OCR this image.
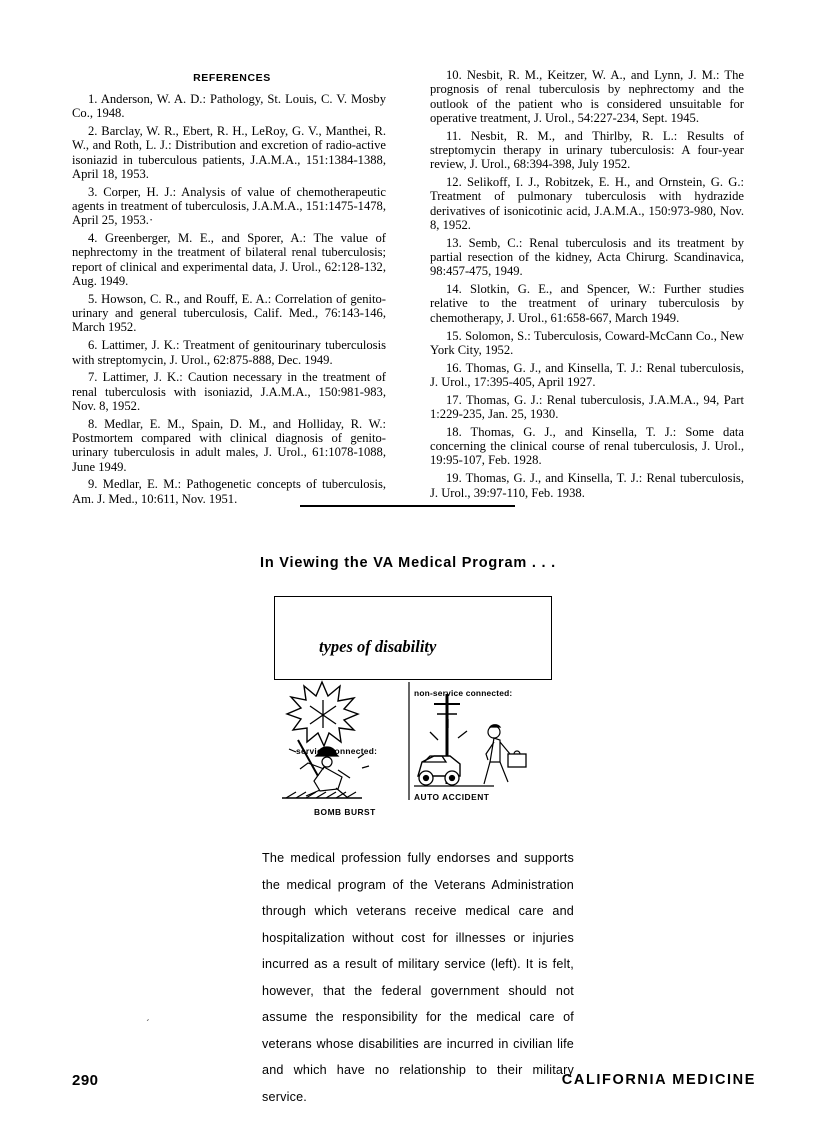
REFERENCES

1. Anderson, W. A. D.: Pathology, St. Louis, C. V. Mosby Co., 1948.

2. Barclay, W. R., Ebert, R. H., LeRoy, G. V., Manthei, R. W., and Roth, L. J.: Distribution and excretion of radio-active isoniazid in tuberculous patients, J.A.M.A., 151:1384-1388, April 18, 1953.

3. Corper, H. J.: Analysis of value of chemotherapeutic agents in treatment of tuberculosis, J.A.M.A., 151:1475-1478, April 25, 1953.·

4. Greenberger, M. E., and Sporer, A.: The value of nephrectomy in the treatment of bilateral renal tuberculosis; report of clinical and experimental data, J. Urol., 62:128-132, Aug. 1949.

5. Howson, C. R., and Rouff, E. A.: Correlation of genito-urinary and general tuberculosis, Calif. Med., 76:143-146, March 1952.

6. Lattimer, J. K.: Treatment of genitourinary tuberculosis with streptomycin, J. Urol., 62:875-888, Dec. 1949.

7. Lattimer, J. K.: Caution necessary in the treatment of renal tuberculosis with isoniazid, J.A.M.A., 150:981-983, Nov. 8, 1952.

8. Medlar, E. M., Spain, D. M., and Holliday, R. W.: Postmortem compared with clinical diagnosis of genito-urinary tuberculosis in adult males, J. Urol., 61:1078-1088, June 1949.

9. Medlar, E. M.: Pathogenetic concepts of tuberculosis, Am. J. Med., 10:611, Nov. 1951.

10. Nesbit, R. M., Keitzer, W. A., and Lynn, J. M.: The prognosis of renal tuberculosis by nephrectomy and the outlook of the patient who is considered unsuitable for operative treatment, J. Urol., 54:227-234, Sept. 1945.

11. Nesbit, R. M., and Thirlby, R. L.: Results of streptomycin therapy in urinary tuberculosis: A four-year review, J. Urol., 68:394-398, July 1952.

12. Selikoff, I. J., Robitzek, E. H., and Ornstein, G. G.: Treatment of pulmonary tuberculosis with hydrazide derivatives of isonicotinic acid, J.A.M.A., 150:973-980, Nov. 8, 1952.

13. Semb, C.: Renal tuberculosis and its treatment by partial resection of the kidney, Acta Chirurg. Scandinavica, 98:457-475, 1949.

14. Slotkin, G. E., and Spencer, W.: Further studies relative to the treatment of urinary tuberculosis by chemotherapy, J. Urol., 61:658-667, March 1949.

15. Solomon, S.: Tuberculosis, Coward-McCann Co., New York City, 1952.

16. Thomas, G. J., and Kinsella, T. J.: Renal tuberculosis, J. Urol., 17:395-405, April 1927.

17. Thomas, G. J.: Renal tuberculosis, J.A.M.A., 94, Part 1:229-235, Jan. 25, 1930.

18. Thomas, G. J., and Kinsella, T. J.: Some data concerning the clinical course of renal tuberculosis, J. Urol., 19:95-107, Feb. 1928.

19. Thomas, G. J., and Kinsella, T. J.: Renal tuberculosis, J. Urol., 39:97-110, Feb. 1938.

In Viewing the VA Medical Program . . .
types of disability
service connected:
non-service connected:
BOMB BURST
AUTO ACCIDENT
The medical profession fully endorses and supports the medical program of the Veterans Administration through which veterans receive medical care and hospitalization without cost for illnesses or injuries incurred as a result of military service (left). It is felt, however, that the federal government should not assume the responsibility for the medical care of veterans whose disabilities are incurred in civilian life and which have no relationship to their military service.
´
290	CALIFORNIA MEDICINE
